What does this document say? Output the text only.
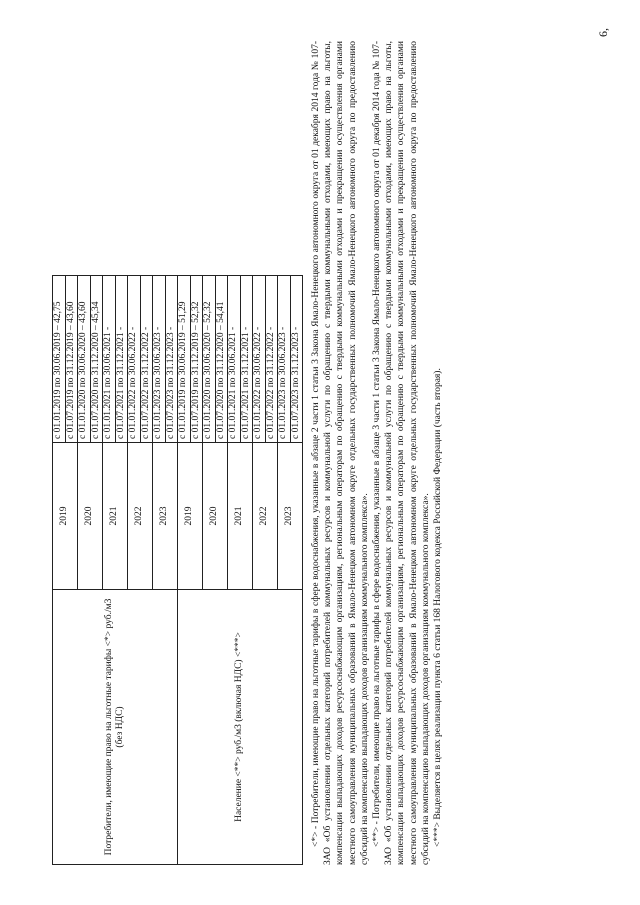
Потребители, имеющие право на льготные тарифы <*> руб./м3 (без НДС)	2019	с 01.01.2019 по 30.06.2019 – 42,75
		с 01.07.2019 по 31.12.2019 – 43,60
	2020	с 01.01.2020 по 30.06.2020 – 43,60
		с 01.07.2020 по 31.12.2020 – 45,34
	2021	с 01.01.2021 по 30.06.2021 -
		с 01.07.2021 по 31.12.2021 -
	2022	с 01.01.2022 по 30.06.2022 -
		с 01.07.2022 по 31.12.2022 -
	2023	с 01.01.2023 по 30.06.2023 -
		с 01.07.2023 по 31.12.2023 -
Население <**> руб./м3 (включая НДС) <***>	2019	с 01.01.2019 по 30.06.2019 – 51,29
		с 01.07.2019 по 31.12.2019 – 52,32
	2020	с 01.01.2020 по 30.06.2020 – 52,32
		с 01.07.2020 по 31.12.2020 – 54,41
	2021	с 01.01.2021 по 30.06.2021 -
		с 01.07.2021 по 31.12.2021 -
	2022	с 01.01.2022 по 30.06.2022 -
		с 01.07.2022 по 31.12.2022 -
	2023	с 01.01.2023 по 30.06.2023 -
		с 01.07.2023 по 31.12.2023 - <*> - Потребители, имеющие право на льготные тарифы в сфере водоснабжения, указанные в абзаце 2 части 1 статьи 3 Закона Ямало-Ненецкого автономного округа от 01 декабря 2014 года № 107-ЗАО «Об установлении отдельных категорий потребителей коммунальных ресурсов и коммунальной услуги по обращению с твердыми коммунальными отходами, имеющих право на льготы, компенсации выпадающих доходов ресурсоснабжающим организациям, региональным операторам по обращению с твердыми коммунальными отходами и прекращении осуществления органами местного самоуправления муниципальных образований в Ямало-Ненецком автономном округе отдельных государственных полномочий Ямало-Ненецкого автономного округа по предоставлению субсидий на компенсацию выпадающих доходов организациям коммунального комплекса». <**> - Потребители, имеющие право на льготные тарифы в сфере водоснабжения, указанные в абзаце 3 части 1 статьи 3 Закона Ямало-Ненецкого автономного округа от 01 декабря 2014 года № 107-ЗАО «Об установлении отдельных категорий потребителей коммунальных ресурсов и коммунальной услуги по обращению с твердыми коммунальными отходами, имеющих право на льготы, компенсации выпадающих доходов ресурсоснабжающим организациям, региональным операторам по обращению с твердыми коммунальными отходами и прекращении осуществления органами местного самоуправления муниципальных образований в Ямало-Ненецком автономном округе отдельных государственных полномочий Ямало-Ненецкого автономного округа по предоставлению субсидий на компенсацию выпадающих доходов организациям коммунального комплекса». <***> Выделяется в целях реализации пункта 6 статьи 168 Налогового кодекса Российской Федерации (часть вторая).

6,
